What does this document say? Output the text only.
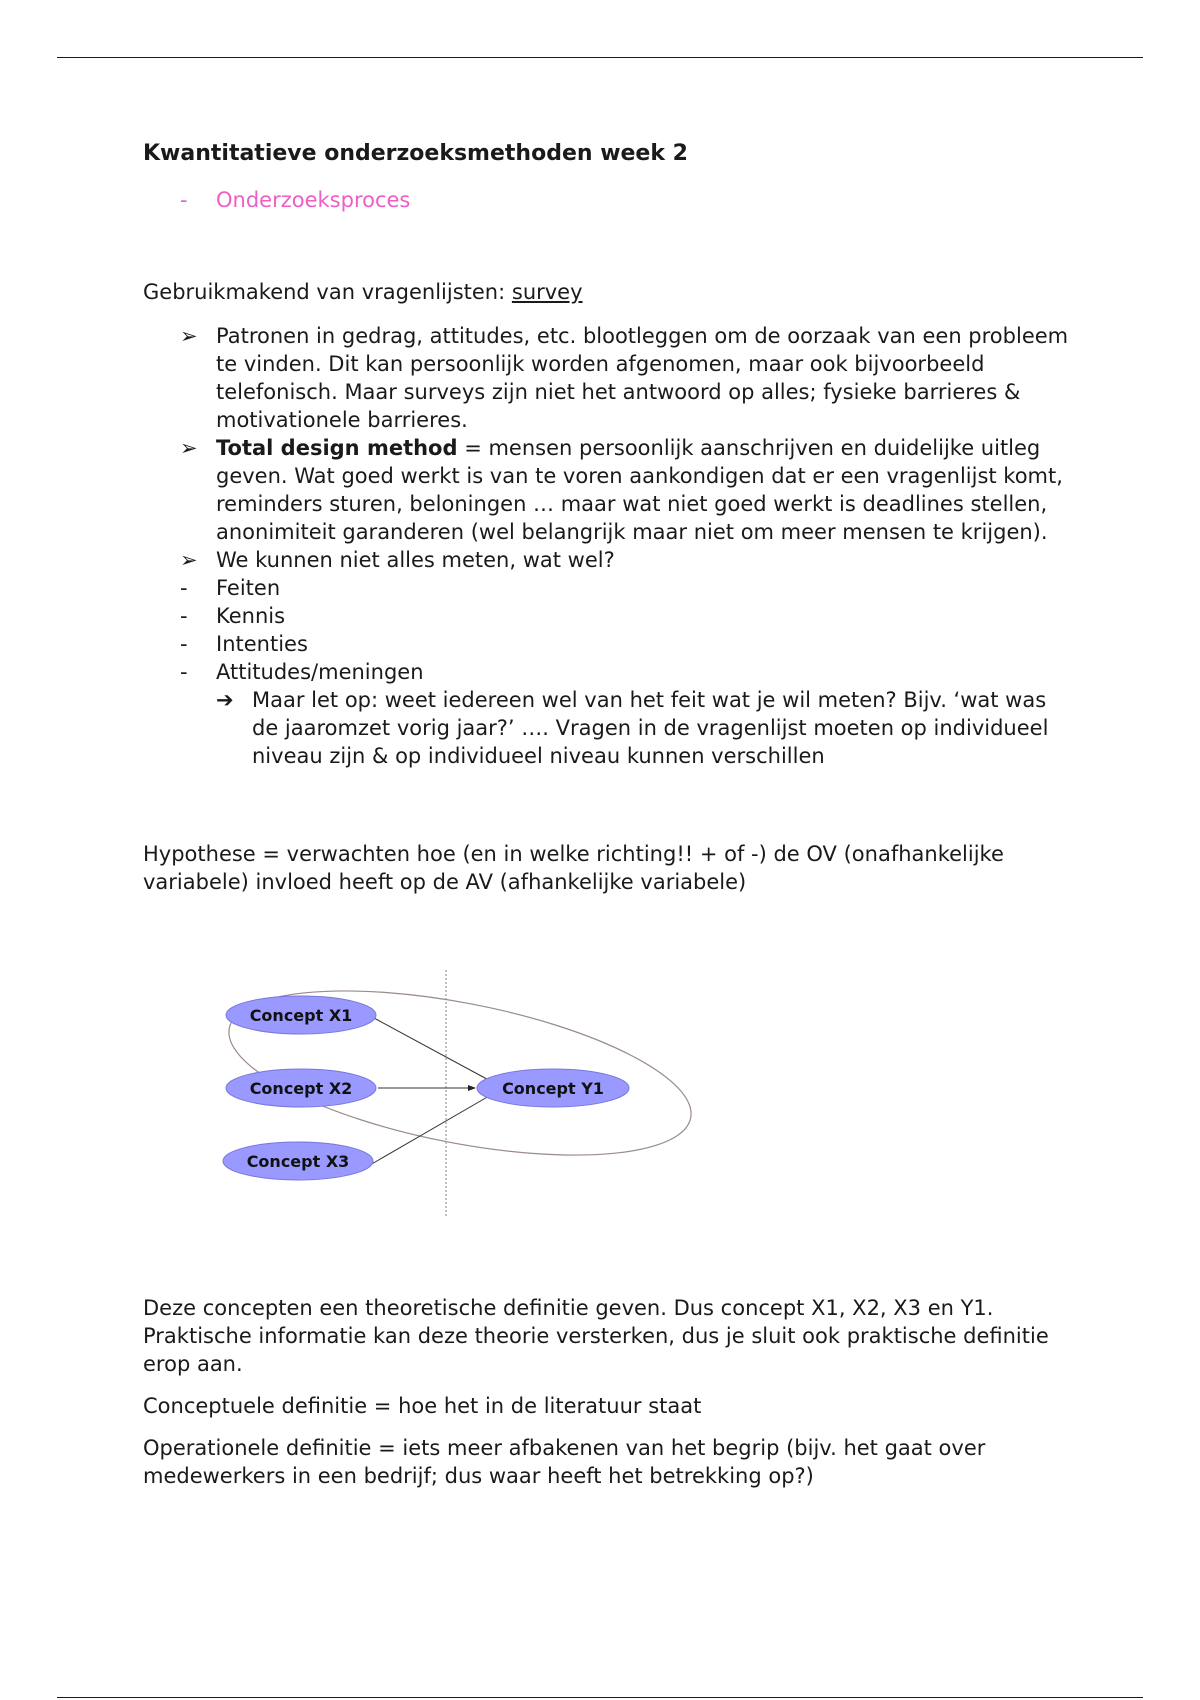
Kwantitatieve onderzoeksmethoden week 2
- Onderzoeksproces

Gebruikmakend van vragenlijsten: survey

➢ Patronen in gedrag, attitudes, etc. blootleggen om de oorzaak van een probleem te vinden. Dit kan persoonlijk worden afgenomen, maar ook bijvoorbeeld telefonisch. Maar surveys zijn niet het antwoord op alles; fysieke barrieres & motivationele barrieres.
➢ Total design method = mensen persoonlijk aanschrijven en duidelijke uitleg geven. Wat goed werkt is van te voren aankondigen dat er een vragenlijst komt, reminders sturen, beloningen … maar wat niet goed werkt is deadlines stellen, anonimiteit garanderen (wel belangrijk maar niet om meer mensen te krijgen).
➢ We kunnen niet alles meten, wat wel?
- Feiten
- Kennis
- Intenties
- Attitudes/meningen
➔ Maar let op: weet iedereen wel van het feit wat je wil meten? Bijv. ‘wat was de jaaromzet vorig jaar?’ …. Vragen in de vragenlijst moeten op individueel niveau zijn & op individueel niveau kunnen verschillen

Hypothese = verwachten hoe (en in welke richting!! + of -) de OV (onafhankelijke variabele) invloed heeft op de AV (afhankelijke variabele)

Concept X1
Concept X2
Concept X3
Concept Y1

Deze concepten een theoretische definitie geven. Dus concept X1, X2, X3 en Y1. Praktische informatie kan deze theorie versterken, dus je sluit ook praktische definitie erop aan.

Conceptuele definitie = hoe het in de literatuur staat

Operationele definitie = iets meer afbakenen van het begrip (bijv. het gaat over medewerkers in een bedrijf; dus waar heeft het betrekking op?)
